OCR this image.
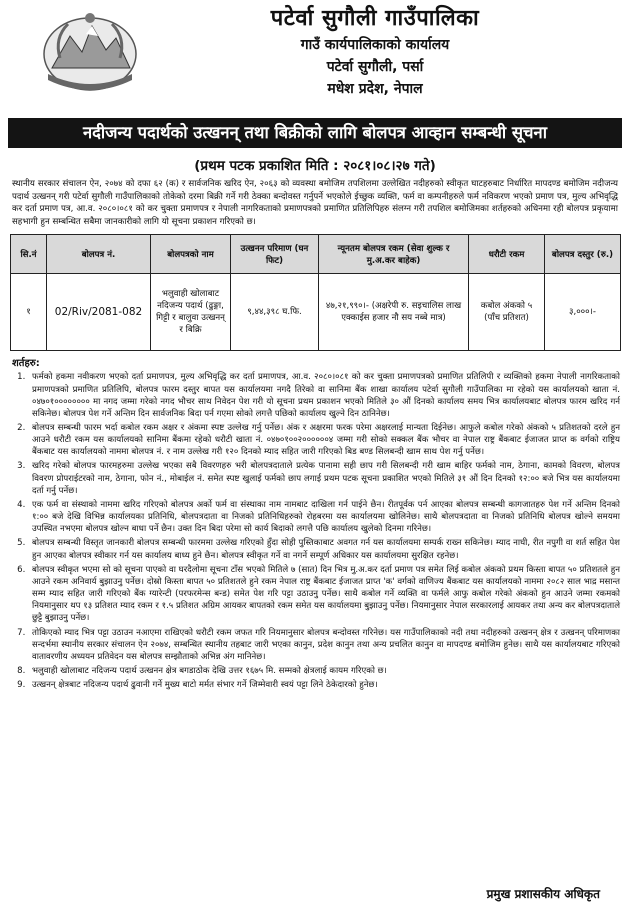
पटेर्वा सुगौली गाउँपालिका
गाउँ कार्यपालिकाको कार्यालय
पटेर्वा सुगौली, पर्सा
मधेश प्रदेश, नेपाल
नदीजन्य पदार्थको उत्खनन् तथा बिक्रीको लागि बोलपत्र आव्हान सम्बन्धी सूचना
(प्रथम पटक प्रकाशित मिति : २०८१।०८।२७ गते)

स्थानीय सरकार संचालन ऐन, २०७४ को दफा ६२ (क) र सार्वजनिक खरिद ऐन, २०६३ को व्यवस्था बमोजिम तपशिलमा उल्लेखित नदीहरुको स्वीकृत घाटहरुबाट निर्धारित मापदण्ड बमोजिम नदीजन्य पदार्थ उत्खनन् गरी पटेर्वा सुगौली गाउँपालिकाको तोकेको दरमा बिक्री गर्ने गरी ठेक्का बन्दोवस्त गर्नुपर्ने भएकोले ईच्छुक व्यक्ति, फर्म वा कम्पनीहरुले फर्म नविकरण भएको प्रमाण पत्र, मुल्य अभिवृद्धि कर दर्ता प्रमाण पत्र, आ.व. २०८०।०८१ को कर चुक्ता प्रमाणपत्र र नेपाली नागरिकताको प्रमाणपत्रको प्रमाणित प्रतिलिपिहरु संलग्न गरी तपशिल बमोजिमका शर्तहरुको अधिनमा रही बोलपत्र प्रकृयामा सहभागी हुन सम्बन्धित सबैमा जानकारीको लागि यो सूचना प्रकाशन गरिएको छ।

सि.नं	बोलपत्र नं.	बोलपत्रको नाम	उत्खनन परिमाण (घन फिट)	न्यूनतम बोलपत्र रकम (सेवा शुल्क र मु.अ.कर बाहेक)	धरौटी रकम	बोलपत्र दस्तुर (रु.)
१	02/Riv/2081-082	भलुवाही खोलाबाट नदिजन्य पदार्थ (ढुङ्गा, गिट्टी र बालुवा उत्खनन् र बिक्रि	९,४४,३९८ घ.फि.	४७,२१,९९०।- (अक्षरेपी रु. सइचालिस लाख एक्काईस हजार नौ सय नब्बे मात्र)	कबोल अंकको ५ (पाँच प्रतिशत)	३,०००।-
शर्तहरु:
1. फर्मको हकमा नवीकरण भएको दर्ता प्रमाणपत्र, मुल्य अभिवृद्धि कर दर्ता प्रमाणपत्र, आ.व. २०८०।०८१ को कर चुक्ता प्रमाणपत्रको प्रमाणित प्रतिलिपी र व्यक्तिको हकमा नेपाली नागरिकताको प्रमाणपत्रको प्रमाणित प्रतिलिपि, बोलपत्र फारम दस्तुर बापत यस कार्यालयमा नगदै तिरेको वा सानिमा बैंक शाखा कार्यालय पटेर्वा सुगौली गाउँपालिका मा रहेको यस कार्यालयको खाता नं. ०४७०१०००००००० मा नगद जम्मा गरेको नगद भौचर साथ निवेदन पेश गरी यो सूचना प्रथम प्रकाशन भएको मितिले ३० औं दिनको कार्यालय समय भित्र कार्यालयबाट बोलपत्र फारम खरिद गर्न सकिनेछ। बोलपत्र पेश गर्ने अन्तिम दिन सार्वजनिक बिदा पर्न गएमा सोको लगत्तै पछिको कार्यालय खुल्ने दिन ठानिनेछ।
2. बोलपत्र सम्बन्धी फारम भर्दा कबोल रकम अक्षर र अंकमा स्पष्ट उल्लेख गर्नु पर्नेछ। अंक र अक्षरमा फरक परेमा अक्षरलाई मान्यता दिईनेछ। आफुले कबोल गरेको अंकको ५ प्रतिशतको दरले हुन आउने धरौटी रकम यस कार्यालयको सानिमा बैंकमा रहेको धरौटी खाता नं. ०४७०१००२००००००४ जम्मा गरी सोको सक्कल बैंक भौचर वा नेपाल राष्ट्र बैंकबाट ईजाजत प्राप्त क वर्गको राष्ट्रिय बैंकबाट यस कार्यालयको नाममा बोलपत्र नं. र नाम उल्लेख गरी १२० दिनको म्याद सहित जारी गरिएको बिड बण्ड सिलबन्दी खाम साथ पेश गर्नु पर्नेछ।
3. खरिद गरेको बोलपत्र फारमहरुमा उल्लेख भएका सबै विवरणहरु भरी बोलपत्रदाताले प्रत्येक पानामा सही छाप गरी सिलबन्दी गरी खाम बाहिर फर्मको नाम, ठेगाना, कामको विवरण, बोलपत्र विवरण प्रोपराईटरको नाम, ठेगाना, फोन नं., मोबाईल नं. समेत स्पष्ट खुलाई फर्मको छाप लगाई प्रथम पटक सूचना प्रकाशित भएको मितिले ३१ औं दिन दिनको १२:०० बजे भित्र यस कार्यालयमा दर्ता गर्नु पर्नेछ।
4. एक फर्म वा संस्थाको नाममा खरिद गरिएको बोलपत्र अर्को फर्म वा संस्थाका नाम नामबाट दाखिला गर्न पाईने छैन। रीतपूर्वक पर्न आएका बोलपत्र सम्बन्धी कागजातहरु पेश गर्ने अन्तिम दिनको १:०० बजे देखि विभिन्न कार्यालयका प्रतिनिधि, बोलपत्रदाता वा निजको प्रतिनिधिहरुको रोहबरमा यस कार्यालयमा खोलिनेछ। साथै बोलपत्रदाता वा निजको प्रतिनिधि बोलपत्र खोल्ने समयमा उपस्थित नभएमा बोलपत्र खोल्न बाधा पर्ने छैन। उक्त दिन बिदा परेमा सो कार्य बिदाको लगत्तै पछि कार्यालय खुलेको दिनमा गरिनेछ।
5. बोलपत्र सम्बन्धी विस्तृत जानकारी बोलपत्र सम्बन्धी फारममा उल्लेख गरिएको हुँदा सोही पुस्तिकाबाट अवगत गर्न यस कार्यालयमा सम्पर्क राख्न सकिनेछ। म्याद नाघी, रीत नपुगी वा शर्त सहित पेश हुन आएका बोलपत्र स्वीकार गर्न यस कार्यालय बाध्य हुने छैन। बोलपत्र स्वीकृत गर्ने वा नगर्ने सम्पूर्ण अधिकार यस कार्यालयमा सुरक्षित रहनेछ।
6. बोलपत्र स्वीकृत भएमा सो को सूचना पाएको वा घरदैलोमा सूचना टाँस भएको मितिले ७ (सात) दिन भित्र मु.अ.कर दर्ता प्रमाण पत्र समेत लिई कबोल अंकको प्रथम किस्ता बापत ५० प्रतिशतले हुन आउने रकम अनिवार्य बुझाउनु पर्नेछ। दोस्रो किस्ता बापत ५० प्रतिशतले हुने रकम नेपाल राष्ट्र बैंकबाट ईजाजत प्राप्त 'क' वर्गको वाणिज्य बैंकबाट यस कार्यालयको नाममा २०८२ साल भाद्र मसान्त सम्म म्याद सहित जारी गरिएको बैंक ग्यारेन्टी (परफरमेन्स बन्ड) समेत पेश गरि पट्टा उठाउनु पर्नेछ। साथै कबोल गर्ने व्यक्ति वा फर्मले आफु कबोल गरेको अंकको हुन आउने जम्मा रकमको नियमानुसार थप १३ प्रतिशत म्याद रकम र १.५ प्रतिशत अग्रिम आयकर बापतको रकम समेत यस कार्यालयमा बुझाउनु पर्नेछ। नियमानुसार नेपाल सरकारलाई आयकर तथा अन्य कर बोलपत्रदाताले छुट्टै बुझाउनु पर्नेछ।
7. तोकिएको म्याद भित्र पट्टा उठाउन नआएमा राखिएको धरौटी रकम जफत गरि नियमानुसार बोलपत्र बन्दोवस्त गरिनेछ। यस गाउँपालिकाको नदी तथा नदीहरुको उत्खनन् क्षेत्र र उत्खनन् परिमाणका सन्दर्भमा स्थानीय सरकार संचालन ऐन २०७४, सम्बन्धित स्थानीय तहबाट जारी भएका कानुन, प्रदेश कानुन तथा अन्य प्रचलित कानुन वा मापदण्ड बमोजिम हुनेछ। साथै यस कार्यालयबाट गरिएको वातावरणीय अध्ययन प्रतिवेदन यस बोलपत्र सम्झौताको अभिन्न अंग मानिनेछ।
8. भलुवाही खोलाबाट नदिजन्य पदार्थ उत्खनन क्षेत्र बगडाठोक देखि उत्तर १६७५ मि. सम्मको क्षेत्रलाई कायम गरिएको छ।
9. उत्खनन् क्षेत्रबाट नदिजन्य पदार्थ ढुवानी गर्ने मुख्य बाटो मर्मत संभार गर्ने जिम्मेवारी स्वयं पट्टा लिने ठेकेदारको हुनेछ।
प्रमुख प्रशासकीय अधिकृत
